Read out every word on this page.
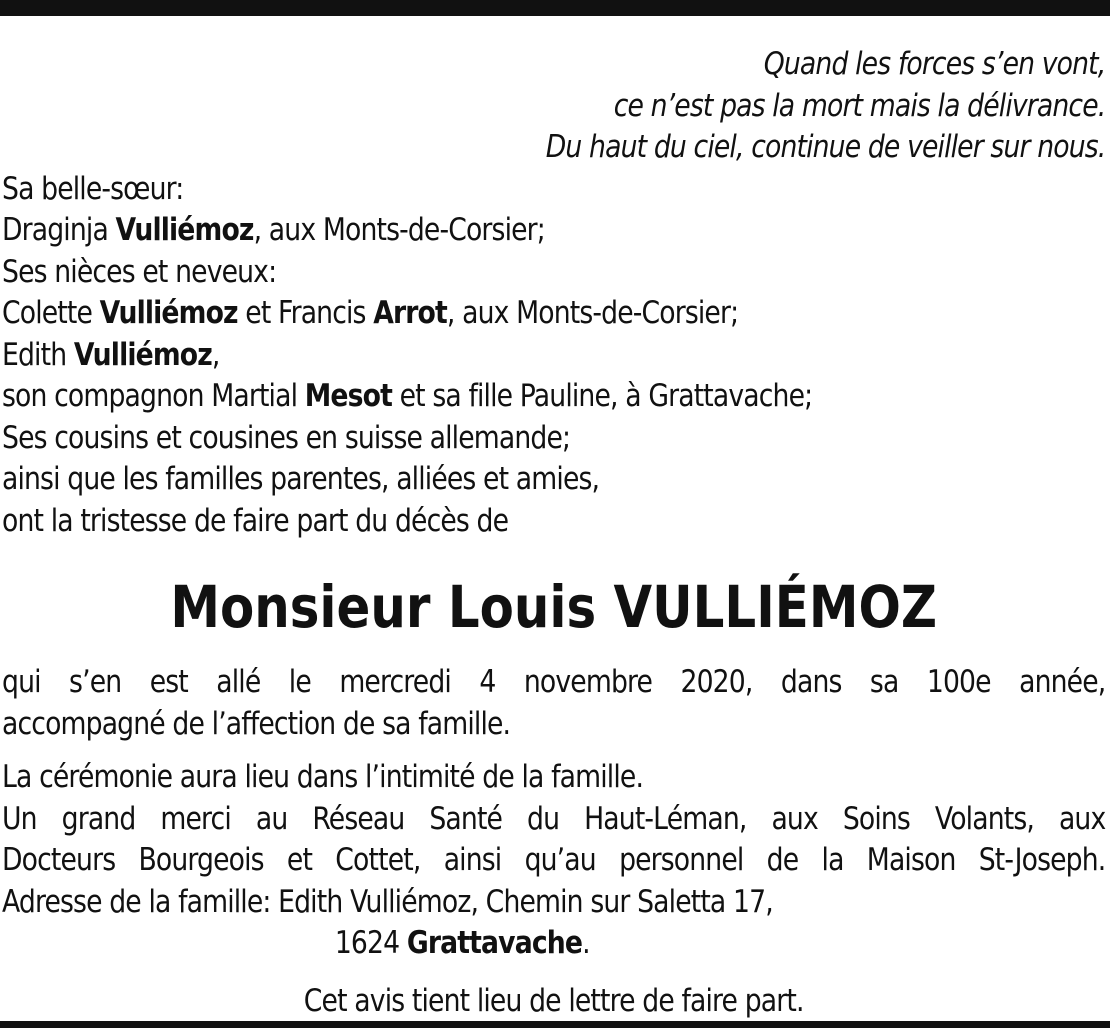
Quand les forces s’en vont,
ce n’est pas la mort mais la délivrance.
Du haut du ciel, continue de veiller sur nous.
Sa belle-sœur:
Draginja Vulliémoz, aux Monts-de-Corsier;
Ses nièces et neveux:
Colette Vulliémoz et Francis Arrot, aux Monts-de-Corsier;
Edith Vulliémoz,
son compagnon Martial Mesot et sa fille Pauline, à Grattavache;
Ses cousins et cousines en suisse allemande;
ainsi que les familles parentes, alliées et amies,
ont la tristesse de faire part du décès de
Monsieur Louis VULLIÉMOZ
qui s’en est allé le mercredi 4 novembre 2020, dans sa 100e année,
accompagné de l’affection de sa famille.
La cérémonie aura lieu dans l’intimité de la famille.
Un grand merci au Réseau Santé du Haut-Léman, aux Soins Volants, aux
Docteurs Bourgeois et Cottet, ainsi qu’au personnel de la Maison St-Joseph.
Adresse de la famille: Edith Vulliémoz, Chemin sur Saletta 17,
1624 Grattavache.
Cet avis tient lieu de lettre de faire part.
